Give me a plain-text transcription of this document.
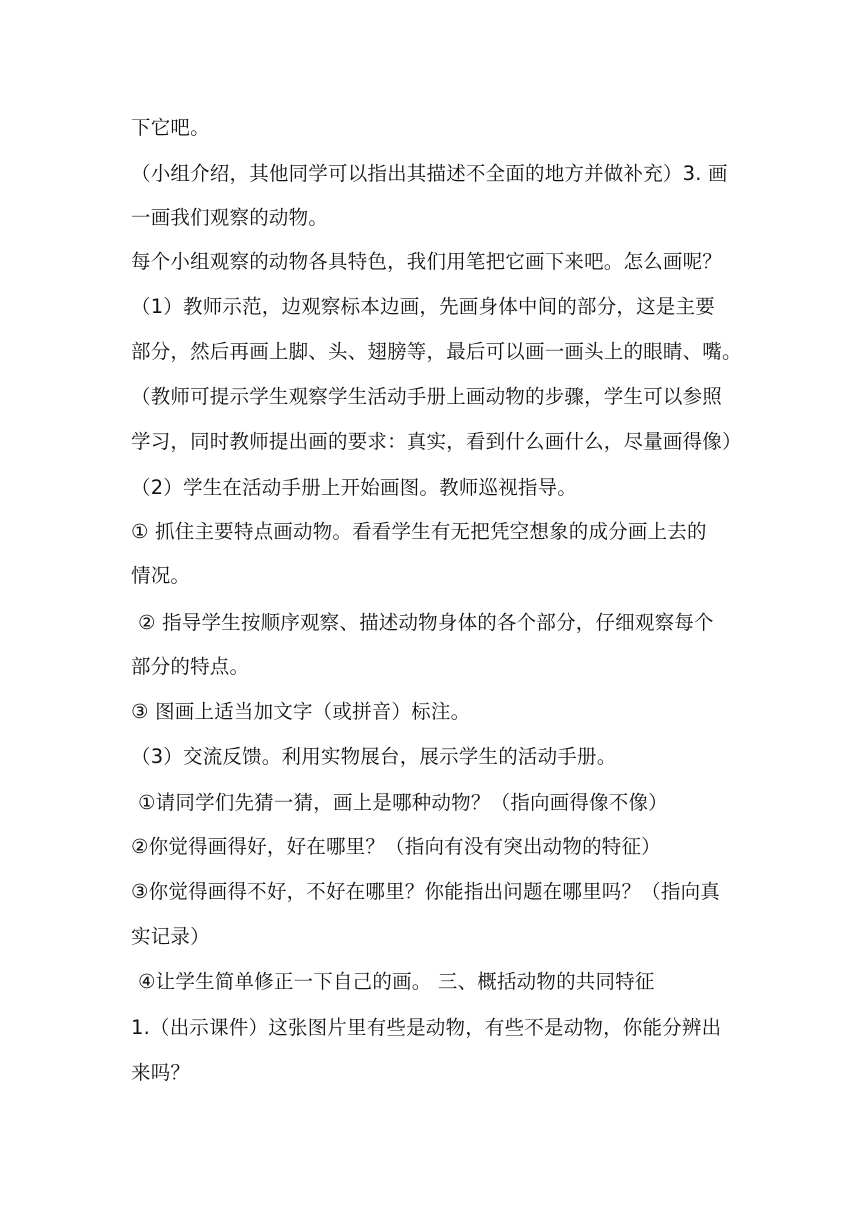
下它吧。
（小组介绍，其他同学可以指出其描述不全面的地方并做补充）3. 画
一画我们观察的动物。
每个小组观察的动物各具特色，我们用笔把它画下来吧。怎么画呢？
（1）教师示范，边观察标本边画，先画身体中间的部分，这是主要
部分，然后再画上脚、头、翅膀等，最后可以画一画头上的眼睛、嘴。
（教师可提示学生观察学生活动手册上画动物的步骤，学生可以参照
学习，同时教师提出画的要求：真实，看到什么画什么，尽量画得像）
（2）学生在活动手册上开始画图。教师巡视指导。
① 抓住主要特点画动物。看看学生有无把凭空想象的成分画上去的
情况。
② 指导学生按顺序观察、描述动物身体的各个部分，仔细观察每个
部分的特点。
③ 图画上适当加文字（或拼音）标注。
（3）交流反馈。利用实物展台，展示学生的活动手册。
①请同学们先猜一猜，画上是哪种动物？（指向画得像不像）
②你觉得画得好，好在哪里？（指向有没有突出动物的特征）
③你觉得画得不好，不好在哪里？你能指出问题在哪里吗？（指向真
实记录）
④让学生简单修正一下自己的画。 三、概括动物的共同特征
1.（出示课件）这张图片里有些是动物，有些不是动物，你能分辨出
来吗？
